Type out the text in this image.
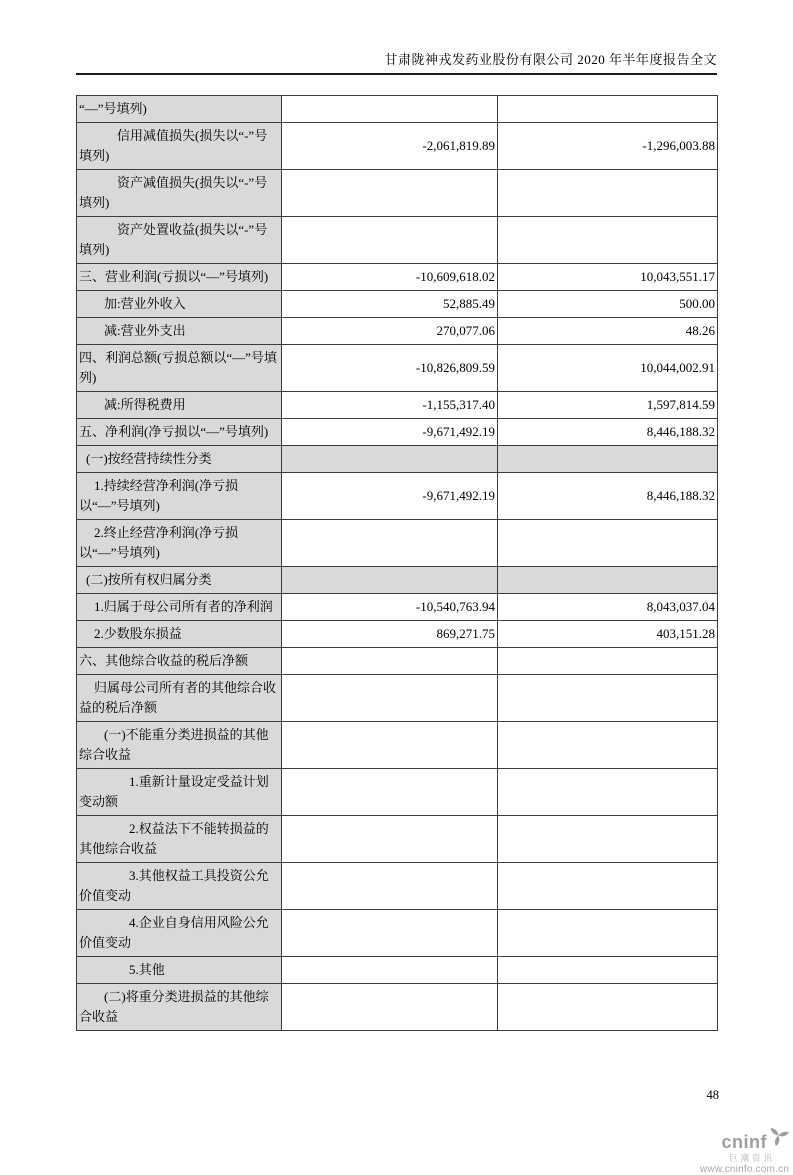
甘肃陇神戎发药业股份有限公司 2020 年半年度报告全文
“—”号填列)		
信用减值损失(损失以“-”号填列)	-2,061,819.89	-1,296,003.88
资产减值损失(损失以“-”号填列)		
资产处置收益(损失以“-”号填列)		
三、营业利润(亏损以“—”号填列)	-10,609,618.02	10,043,551.17
加:营业外收入	52,885.49	500.00
减:营业外支出	270,077.06	48.26
四、利润总额(亏损总额以“—”号填列)	-10,826,809.59	10,044,002.91
减:所得税费用	-1,155,317.40	1,597,814.59
五、净利润(净亏损以“—”号填列)	-9,671,492.19	8,446,188.32
(一)按经营持续性分类		
1.持续经营净利润(净亏损以“—”号填列)	-9,671,492.19	8,446,188.32
2.终止经营净利润(净亏损以“—”号填列)		
(二)按所有权归属分类		
1.归属于母公司所有者的净利润	-10,540,763.94	8,043,037.04
2.少数股东损益	869,271.75	403,151.28
六、其他综合收益的税后净额		
归属母公司所有者的其他综合收益的税后净额		
(一)不能重分类进损益的其他综合收益		
1.重新计量设定受益计划变动额		
2.权益法下不能转损益的其他综合收益		
3.其他权益工具投资公允价值变动		
4.企业自身信用风险公允价值变动		
5.其他		
(二)将重分类进损益的其他综合收益		
48
cninf
巨潮资讯
www.cninfo.com.cn
